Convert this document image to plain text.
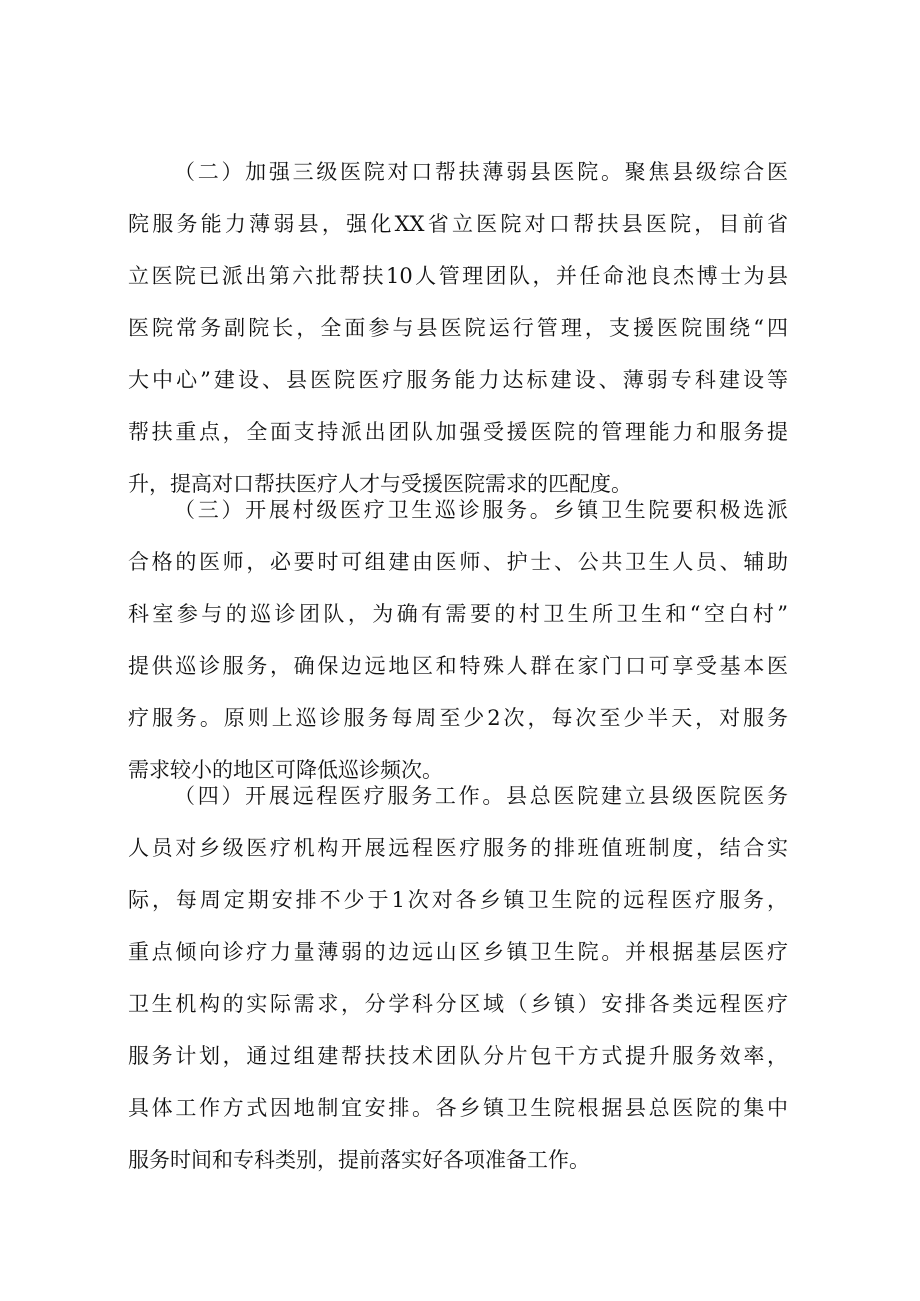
（二）加强三级医院对口帮扶薄弱县医院。聚焦县级综合医
院服务能力薄弱县，强化XX省立医院对口帮扶县医院，目前省
立医院已派出第六批帮扶10人管理团队，并任命池良杰博士为县
医院常务副院长，全面参与县医院运行管理，支援医院围绕“四
大中心”建设、县医院医疗服务能力达标建设、薄弱专科建设等
帮扶重点，全面支持派出团队加强受援医院的管理能力和服务提
升，提高对口帮扶医疗人才与受援医院需求的匹配度。
（三）开展村级医疗卫生巡诊服务。乡镇卫生院要积极选派
合格的医师，必要时可组建由医师、护士、公共卫生人员、辅助
科室参与的巡诊团队，为确有需要的村卫生所卫生和“空白村”
提供巡诊服务，确保边远地区和特殊人群在家门口可享受基本医
疗服务。原则上巡诊服务每周至少2次，每次至少半天，对服务
需求较小的地区可降低巡诊频次。
（四）开展远程医疗服务工作。县总医院建立县级医院医务
人员对乡级医疗机构开展远程医疗服务的排班值班制度，结合实
际，每周定期安排不少于1次对各乡镇卫生院的远程医疗服务，
重点倾向诊疗力量薄弱的边远山区乡镇卫生院。并根据基层医疗
卫生机构的实际需求，分学科分区域（乡镇）安排各类远程医疗
服务计划，通过组建帮扶技术团队分片包干方式提升服务效率，
具体工作方式因地制宜安排。各乡镇卫生院根据县总医院的集中
服务时间和专科类别，提前落实好各项准备工作。
